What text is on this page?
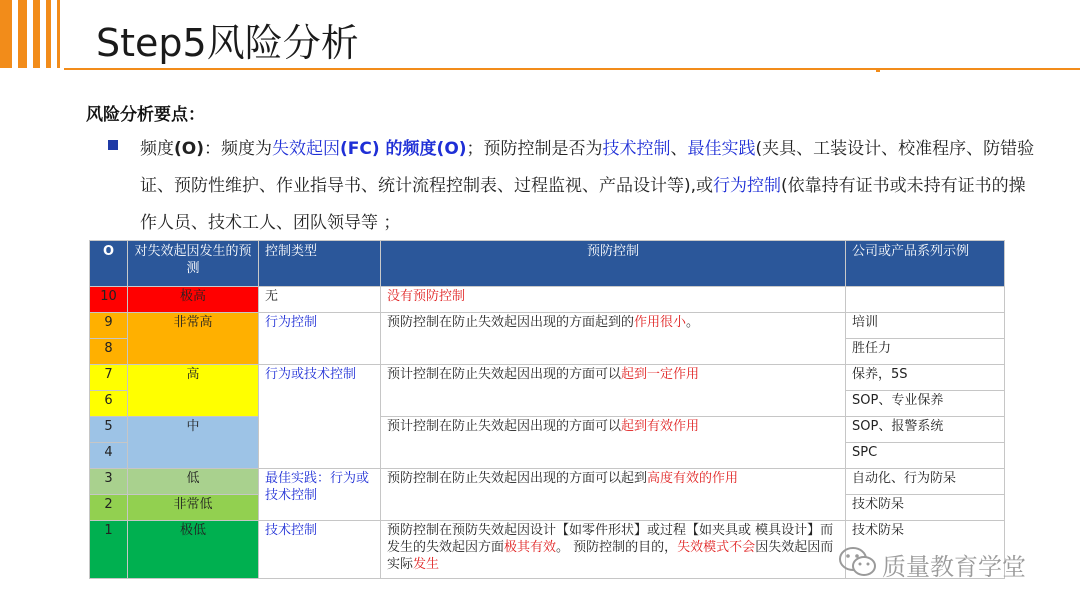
Step5风险分析
风险分析要点：
频度(O)：频度为失效起因(FC) 的频度(O)；预防控制是否为技术控制、最佳实践(夹具、工装设计、校准程序、防错验证、预防性维护、作业指导书、统计流程控制表、过程监视、产品设计等),或行为控制(依靠持有证书或未持有证书的操作人员、技术工人、团队领导等 ；
O	对失效起因发生的预测	控制类型	预防控制	公司或产品系列示例
10	极高	无	没有预防控制	
9	非常高	行为控制	预防控制在防止失效起因出现的方面起到的作用很小。	培训
8				胜任力
7	高	行为或技术控制	预计控制在防止失效起因出现的方面可以起到一定作用	保养，5S
6				SOP、专业保养
5	中		预计控制在防止失效起因出现的方面可以起到有效作用	SOP、报警系统
4				SPC
3	低	最佳实践：行为或技术控制	预防控制在防止失效起因出现的方面可以起到高度有效的作用	自动化、行为防呆
2	非常低			技术防呆
1	极低	技术控制	预防控制在预防失效起因设计【如零件形状】或过程【如夹具或 模具设计】而发生的失效起因方面极其有效。 预防控制的目的，失效模式不会因失效起因而实际发生	技术防呆
质量教育学堂
